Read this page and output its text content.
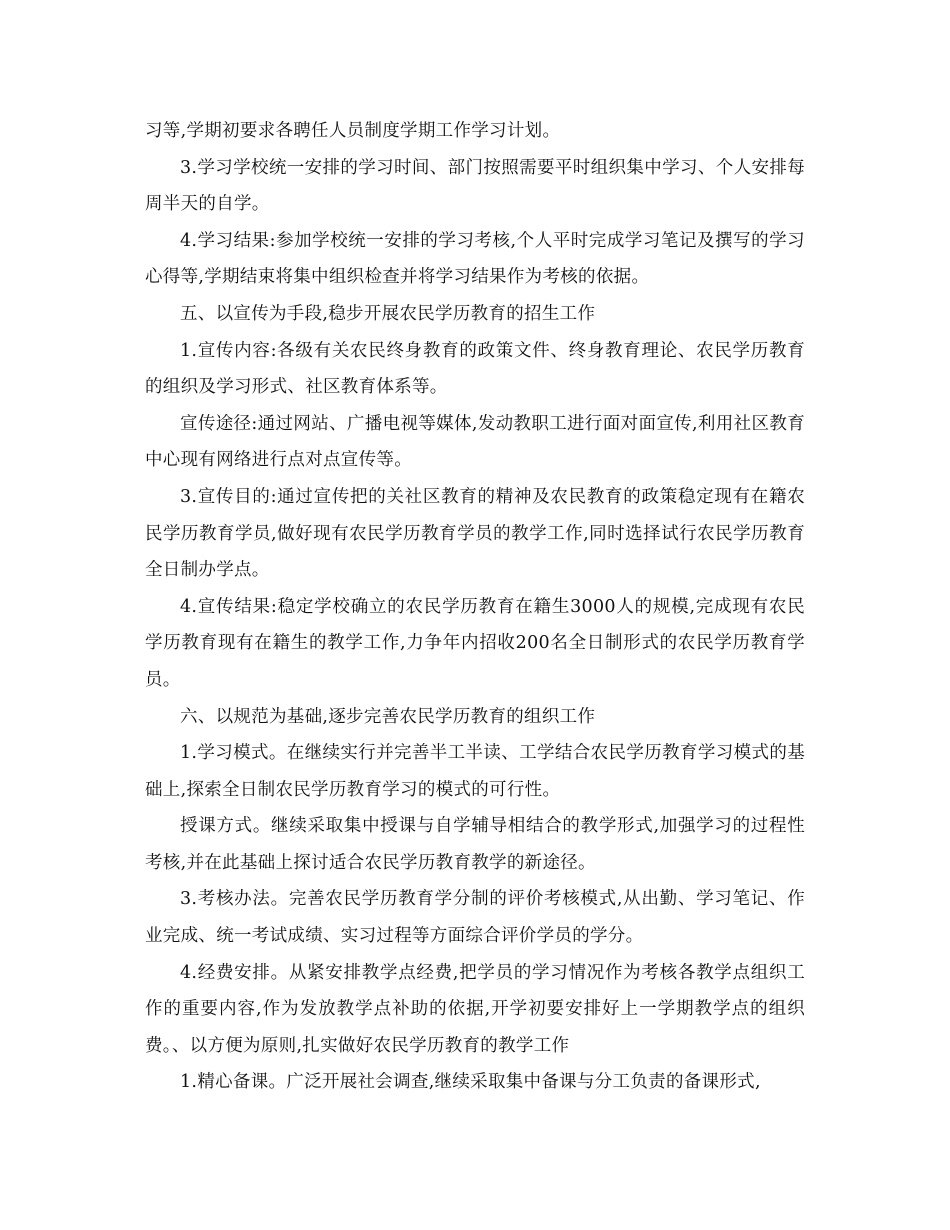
习等,学期初要求各聘任人员制度学期工作学习计划。

3.学习学校统一安排的学习时间、部门按照需要平时组织集中学习、个人安排每周半天的自学。

4.学习结果:参加学校统一安排的学习考核,个人平时完成学习笔记及撰写的学习心得等,学期结束将集中组织检查并将学习结果作为考核的依据。

五、以宣传为手段,稳步开展农民学历教育的招生工作

1.宣传内容:各级有关农民终身教育的政策文件、终身教育理论、农民学历教育的组织及学习形式、社区教育体系等。

宣传途径:通过网站、广播电视等媒体,发动教职工进行面对面宣传,利用社区教育中心现有网络进行点对点宣传等。

3.宣传目的:通过宣传把的关社区教育的精神及农民教育的政策稳定现有在籍农民学历教育学员,做好现有农民学历教育学员的教学工作,同时选择试行农民学历教育全日制办学点。

4.宣传结果:稳定学校确立的农民学历教育在籍生3000人的规模,完成现有农民学历教育现有在籍生的教学工作,力争年内招收200名全日制形式的农民学历教育学员。

六、以规范为基础,逐步完善农民学历教育的组织工作

1.学习模式。在继续实行并完善半工半读、工学结合农民学历教育学习模式的基础上,探索全日制农民学历教育学习的模式的可行性。

授课方式。继续采取集中授课与自学辅导相结合的教学形式,加强学习的过程性考核,并在此基础上探讨适合农民学历教育教学的新途径。

3.考核办法。完善农民学历教育学分制的评价考核模式,从出勤、学习笔记、作业完成、统一考试成绩、实习过程等方面综合评价学员的学分。

4.经费安排。从紧安排教学点经费,把学员的学习情况作为考核各教学点组织工作的重要内容,作为发放教学点补助的依据,开学初要安排好上一学期教学点的组织费。、以方便为原则,扎实做好农民学历教育的教学工作

1.精心备课。广泛开展社会调查,继续采取集中备课与分工负责的备课形式,
